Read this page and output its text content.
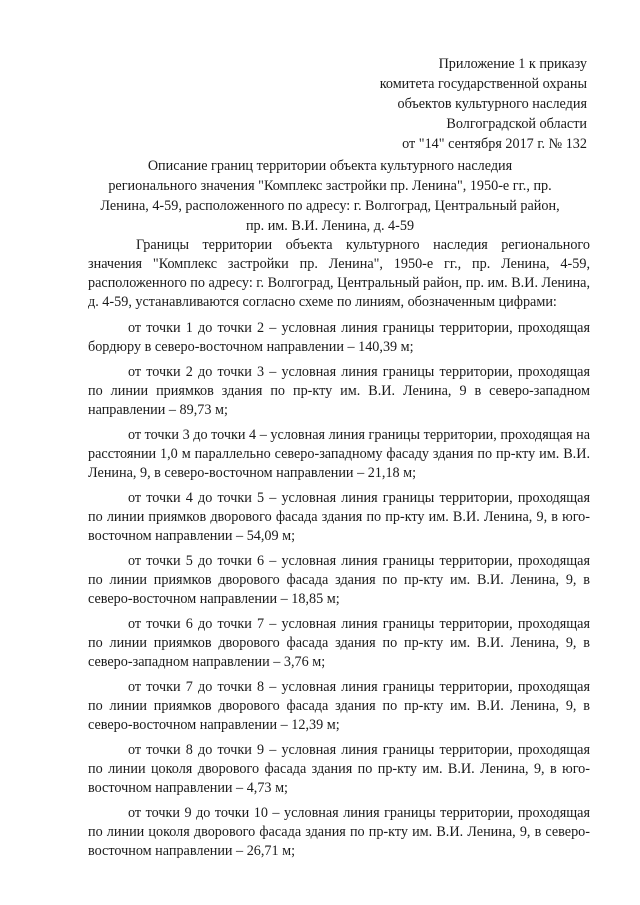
Приложение 1 к приказу
комитета государственной охраны
объектов культурного наследия
Волгоградской области
от "14" сентября 2017 г. № 132
Описание границ территории объекта культурного наследия
регионального значения "Комплекс застройки пр. Ленина", 1950-е гг., пр.
Ленина, 4-59, расположенного по адресу: г. Волгоград, Центральный район,
пр. им. В.И. Ленина, д. 4-59

Границы территории объекта культурного наследия регионального значения "Комплекс застройки пр. Ленина", 1950-е гг., пр. Ленина, 4-59, расположенного по адресу: г. Волгоград, Центральный район, пр. им. В.И. Ленина, д. 4-59, устанавливаются согласно схеме по линиям, обозначенным цифрами:

от точки 1 до точки 2 – условная линия границы территории, проходящая бордюру в северо-восточном направлении – 140,39 м;

от точки 2 до точки 3 – условная линия границы территории, проходящая по линии приямков здания по пр-кту им. В.И. Ленина, 9 в северо-западном направлении – 89,73 м;

от точки 3 до точки 4 – условная линия границы территории, проходящая на расстоянии 1,0 м параллельно северо-западному фасаду здания по пр-кту им. В.И. Ленина, 9, в северо-восточном направлении – 21,18 м;

от точки 4 до точки 5 – условная линия границы территории, проходящая по линии приямков дворового фасада здания по пр-кту им. В.И. Ленина, 9, в юго-восточном направлении – 54,09 м;

от точки 5 до точки 6 – условная линия границы территории, проходящая по линии приямков дворового фасада здания по пр-кту им. В.И. Ленина, 9, в северо-восточном направлении – 18,85 м;

от точки 6 до точки 7 – условная линия границы территории, проходящая по линии приямков дворового фасада здания по пр-кту им. В.И. Ленина, 9, в северо-западном направлении – 3,76 м;

от точки 7 до точки 8 – условная линия границы территории, проходящая по линии приямков дворового фасада здания по пр-кту им. В.И. Ленина, 9, в северо-восточном направлении – 12,39 м;

от точки 8 до точки 9 – условная линия границы территории, проходящая по линии цоколя дворового фасада здания по пр-кту им. В.И. Ленина, 9, в юго-восточном направлении – 4,73 м;

от точки 9 до точки 10 – условная линия границы территории, проходящая по линии цоколя дворового фасада здания по пр-кту им. В.И. Ленина, 9, в северо-восточном направлении – 26,71 м;
